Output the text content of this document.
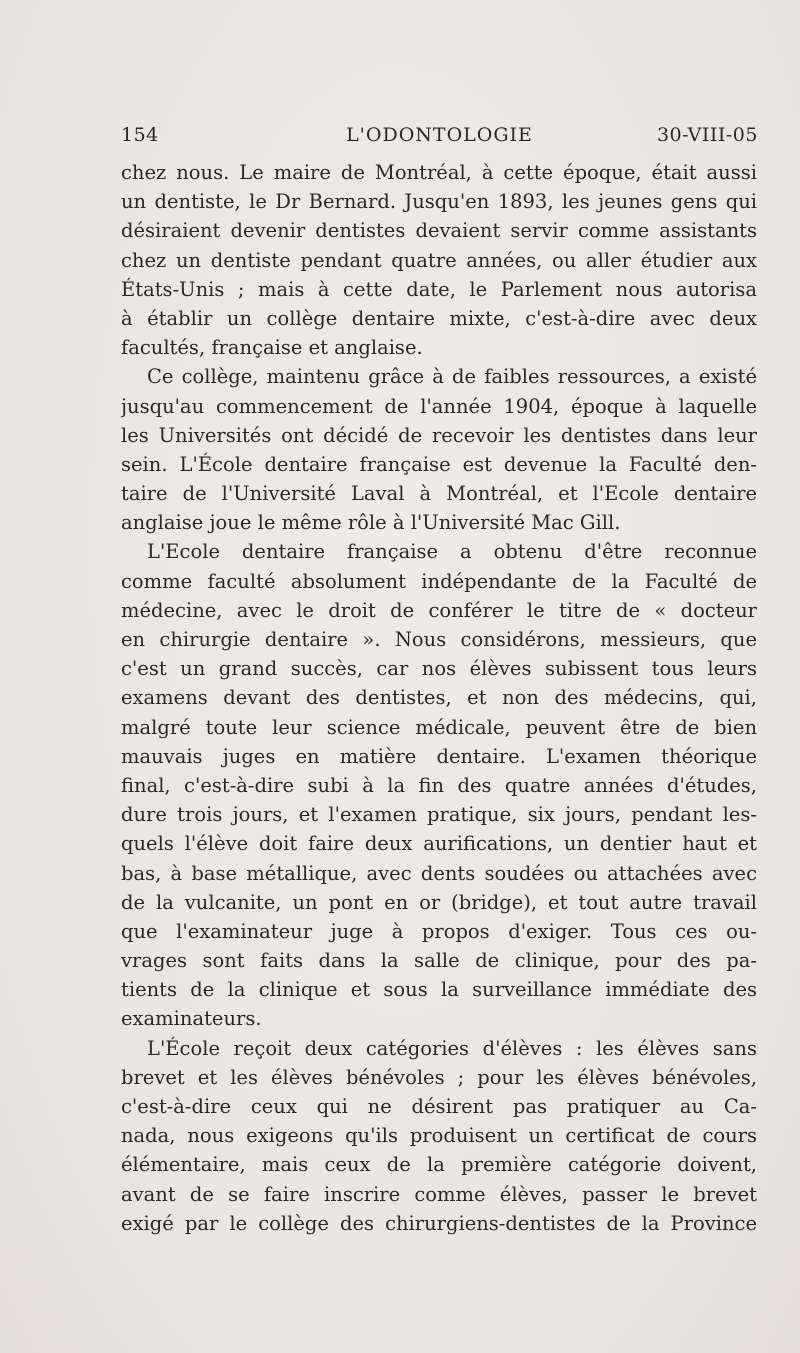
154	L'ODONTOLOGIE	30-VIII-05
chez nous. Le maire de Montréal, à cette époque, était aussi
un dentiste, le Dr Bernard. Jusqu'en 1893, les jeunes gens qui
désiraient devenir dentistes devaient servir comme assistants
chez un dentiste pendant quatre années, ou aller étudier aux
États-Unis ; mais à cette date, le Parlement nous autorisa
à établir un collège dentaire mixte, c'est-à-dire avec deux
facultés, française et anglaise.
Ce collège, maintenu grâce à de faibles ressources, a existé
jusqu'au commencement de l'année 1904, époque à laquelle
les Universités ont décidé de recevoir les dentistes dans leur
sein. L'École dentaire française est devenue la Faculté den-
taire de l'Université Laval à Montréal, et l'Ecole dentaire
anglaise joue le même rôle à l'Université Mac Gill.
L'Ecole dentaire française a obtenu d'être reconnue
comme faculté absolument indépendante de la Faculté de
médecine, avec le droit de conférer le titre de « docteur
en chirurgie dentaire ». Nous considérons, messieurs, que
c'est un grand succès, car nos élèves subissent tous leurs
examens devant des dentistes, et non des médecins, qui,
malgré toute leur science médicale, peuvent être de bien
mauvais juges en matière dentaire. L'examen théorique
final, c'est-à-dire subi à la fin des quatre années d'études,
dure trois jours, et l'examen pratique, six jours, pendant les-
quels l'élève doit faire deux aurifications, un dentier haut et
bas, à base métallique, avec dents soudées ou attachées avec
de la vulcanite, un pont en or (bridge), et tout autre travail
que l'examinateur juge à propos d'exiger. Tous ces ou-
vrages sont faits dans la salle de clinique, pour des pa-
tients de la clinique et sous la surveillance immédiate des
examinateurs.
L'École reçoit deux catégories d'élèves : les élèves sans
brevet et les élèves bénévoles ; pour les élèves bénévoles,
c'est-à-dire ceux qui ne désirent pas pratiquer au Ca-
nada, nous exigeons qu'ils produisent un certificat de cours
élémentaire, mais ceux de la première catégorie doivent,
avant de se faire inscrire comme élèves, passer le brevet
exigé par le collège des chirurgiens-dentistes de la Province
